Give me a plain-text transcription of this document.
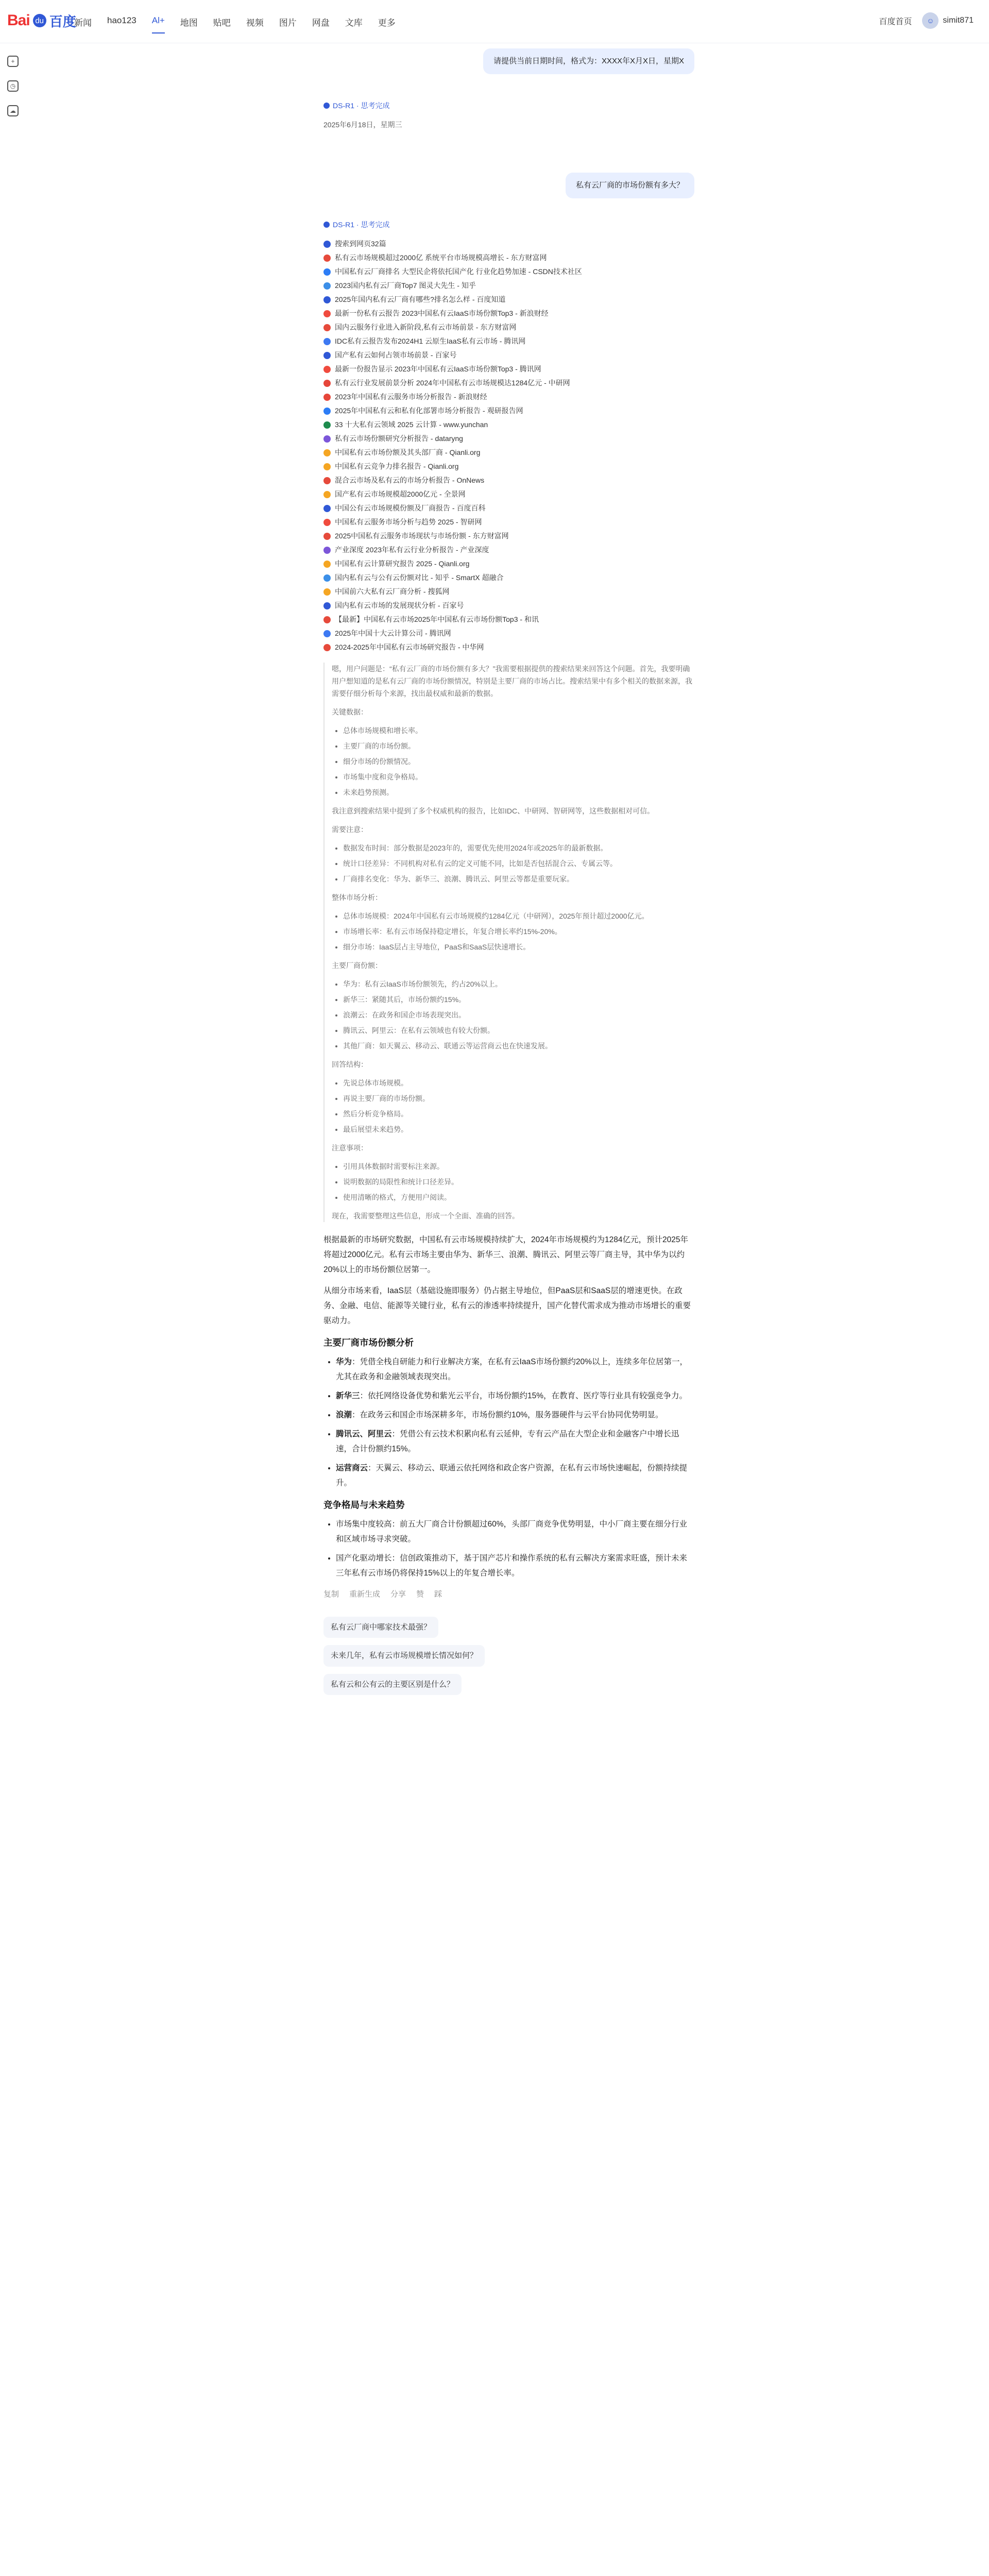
Bai du 百度
新闻 hao123 Al+ 地图 贴吧 视频 图片 网盘 文库 更多	百度首页	☺	simit871
+
◷
☁
请提供当前日期时间，格式为：XXXX年X月X日，星期X
DS-R1 · 思考完成
2025年6月18日，星期三
私有云厂商的市场份额有多大？
DS-R1 · 思考完成
搜索到网页32篇
私有云市场规模超过2000亿 系统平台市场规模高增长 - 东方财富网
中国私有云厂商排名 大型民企将依托国产化 行业化趋势加速 - CSDN技术社区
2023国内私有云厂商Top7 图灵大先生 - 知乎
2025年国内私有云厂商有哪些?排名怎么样 - 百度知道
最新一份私有云报告 2023中国私有云IaaS市场份额Top3 - 新浪财经
国内云服务行业进入新阶段,私有云市场前景 - 东方财富网
IDC私有云报告发布2024H1 云原生IaaS私有云市场 - 腾讯网
国产私有云如何占领市场前景 - 百家号
最新一份报告显示 2023年中国私有云IaaS市场份额Top3 - 腾讯网
私有云行业发展前景分析 2024年中国私有云市场规模达1284亿元 - 中研网
2023年中国私有云服务市场分析报告 - 新浪财经
2025年中国私有云和私有化部署市场分析报告 - 观研报告网
33 十大私有云领域 2025 云计算 - www.yunchan
私有云市场份额研究分析报告 - dataryng
中国私有云市场份额及其头部厂商 - Qianli.org
中国私有云竞争力排名报告 - Qianli.org
混合云市场及私有云的市场分析报告 - OnNews
国产私有云市场规模超2000亿元 - 全景网
中国公有云市场规模份额及厂商报告 - 百度百科
中国私有云服务市场分析与趋势 2025 - 智研网
2025中国私有云服务市场现状与市场份额 - 东方财富网
产业深度 2023年私有云行业分析报告 - 产业深度
中国私有云计算研究报告 2025 - Qianli.org
国内私有云与公有云份额对比 - 知乎 - SmartX 超融合
中国前六大私有云厂商分析 - 搜狐网
国内私有云市场的发展现状分析 - 百家号
【最新】中国私有云市场2025年中国私有云市场份额Top3 - 和讯
2025年中国十大云计算公司 - 腾讯网
2024-2025年中国私有云市场研究报告 - 中华网

嗯，用户问题是：“私有云厂商的市场份额有多大？”我需要根据提供的搜索结果来回答这个问题。首先，我要明确用户想知道的是私有云厂商的市场份额情况，特别是主要厂商的市场占比。搜索结果中有多个相关的数据来源，我需要仔细分析每个来源，找出最权威和最新的数据。

关键数据：

• 总体市场规模和增长率。
• 主要厂商的市场份额。
• 细分市场的份额情况。
• 市场集中度和竞争格局。
• 未来趋势预测。

我注意到搜索结果中提到了多个权威机构的报告，比如IDC、中研网、智研网等，这些数据相对可信。

需要注意：

• 数据发布时间：部分数据是2023年的，需要优先使用2024年或2025年的最新数据。
• 统计口径差异：不同机构对私有云的定义可能不同，比如是否包括混合云、专属云等。
• 厂商排名变化：华为、新华三、浪潮、腾讯云、阿里云等都是重要玩家。

整体市场分析：

• 总体市场规模：2024年中国私有云市场规模约1284亿元（中研网），2025年预计超过2000亿元。
• 市场增长率：私有云市场保持稳定增长，年复合增长率约15%-20%。
• 细分市场：IaaS层占主导地位，PaaS和SaaS层快速增长。

主要厂商份额：

• 华为：私有云IaaS市场份额领先，约占20%以上。
• 新华三：紧随其后，市场份额约15%。
• 浪潮云：在政务和国企市场表现突出。
• 腾讯云、阿里云：在私有云领域也有较大份额。
• 其他厂商：如天翼云、移动云、联通云等运营商云也在快速发展。

回答结构：

• 先说总体市场规模。
• 再说主要厂商的市场份额。
• 然后分析竞争格局。
• 最后展望未来趋势。

注意事项：

• 引用具体数据时需要标注来源。
• 说明数据的局限性和统计口径差异。
• 使用清晰的格式，方便用户阅读。

现在，我需要整理这些信息，形成一个全面、准确的回答。

根据最新的市场研究数据，中国私有云市场规模持续扩大，2024年市场规模约为1284亿元，预计2025年将超过2000亿元。私有云市场主要由华为、新华三、浪潮、腾讯云、阿里云等厂商主导，其中华为以约20%以上的市场份额位居第一。

从细分市场来看，IaaS层（基础设施即服务）仍占据主导地位，但PaaS层和SaaS层的增速更快。在政务、金融、电信、能源等关键行业，私有云的渗透率持续提升，国产化替代需求成为推动市场增长的重要驱动力。

主要厂商市场份额分析
• 华为：凭借全栈自研能力和行业解决方案，在私有云IaaS市场份额约20%以上，连续多年位居第一，尤其在政务和金融领域表现突出。
• 新华三：依托网络设备优势和紫光云平台，市场份额约15%，在教育、医疗等行业具有较强竞争力。
• 浪潮：在政务云和国企市场深耕多年，市场份额约10%，服务器硬件与云平台协同优势明显。
• 腾讯云、阿里云：凭借公有云技术积累向私有云延伸，专有云产品在大型企业和金融客户中增长迅速，合计份额约15%。
• 运营商云：天翼云、移动云、联通云依托网络和政企客户资源，在私有云市场快速崛起，份额持续提升。
竞争格局与未来趋势
• 市场集中度较高：前五大厂商合计份额超过60%，头部厂商竞争优势明显，中小厂商主要在细分行业和区域市场寻求突破。
• 国产化驱动增长：信创政策推动下，基于国产芯片和操作系统的私有云解决方案需求旺盛，预计未来三年私有云市场仍将保持15%以上的年复合增长率。
复制 重新生成 分享 赞 踩
私有云厂商中哪家技术最强？
未来几年，私有云市场规模增长情况如何？
私有云和公有云的主要区别是什么？
